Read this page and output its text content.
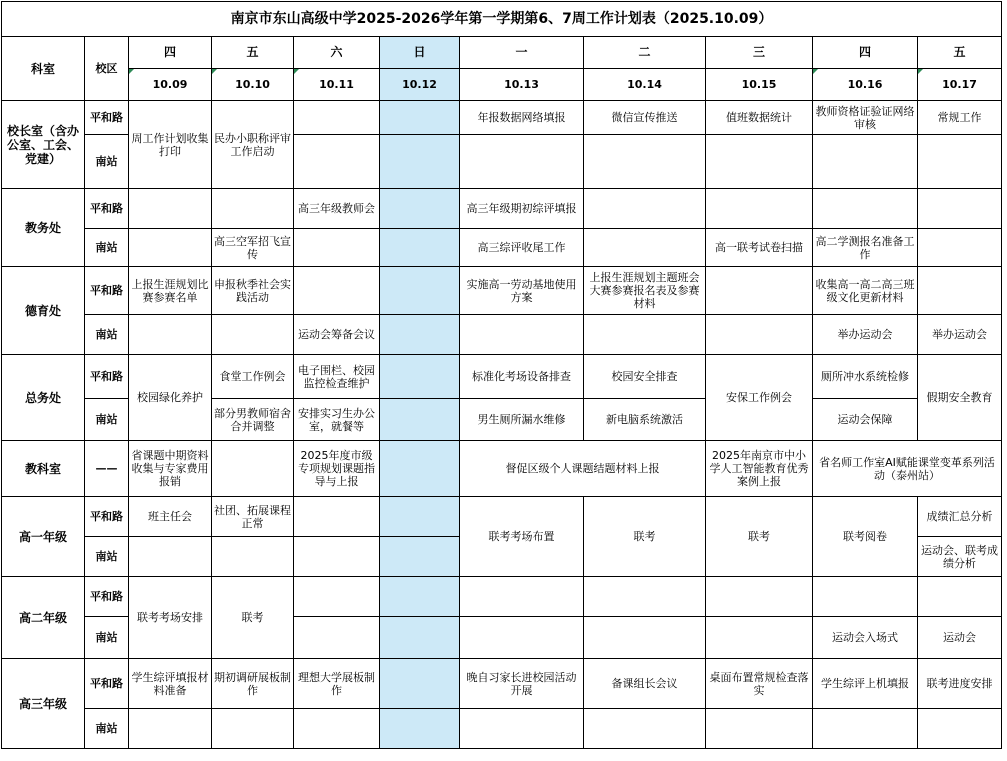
南京市东山高级中学2025-2026学年第一学期第6、7周工作计划表（2025.10.09）										
科室	校区	四	五	六	日	一	二	三	四	五
		10.09	10.10	10.11	10.12	10.13	10.14	10.15	10.16	10.17
校长室（含办公室、工会、党建）	平和路	周工作计划收集打印	民办小职称评审工作启动			年报数据网络填报	微信宣传推送	值班数据统计	教师资格证验证网络审核	常规工作
	南站									
教务处	平和路			高三年级教师会		高三年级期初综评填报				
	南站		高三空军招飞宣传			高三综评收尾工作		高一联考试卷扫描	高二学测报名准备工作	
德育处	平和路	上报生涯规划比赛参赛名单	申报秋季社会实践活动			实施高一劳动基地使用方案	上报生涯规划主题班会大赛参赛报名表及参赛材料		收集高一高二高三班级文化更新材料	
	南站			运动会筹备会议					举办运动会	举办运动会
总务处	平和路	校园绿化养护	食堂工作例会	电子围栏、校园监控检查维护		标准化考场设备排查	校园安全排查	安保工作例会	厕所冲水系统检修	假期安全教育
	南站		部分男教师宿舍合并调整	安排实习生办公室，就餐等		男生厕所漏水维修	新电脑系统激活		运动会保障	
教科室	——	省课题中期资料收集与专家费用报销		2025年度市级专项规划课题指导与上报		督促区级个人课题结题材料上报		2025年南京市中小学人工智能教育优秀案例上报	省名师工作室AI赋能课堂变革系列活动（泰州站）	
高一年级	平和路	班主任会	社团、拓展课程正常			联考考场布置	联考	联考	联考阅卷	成绩汇总分析
	南站									运动会、联考成绩分析
高二年级	平和路	联考考场安排	联考							
	南站								运动会入场式	运动会
高三年级	平和路	学生综评填报材料准备	期初调研展板制作	理想大学展板制作		晚自习家长进校园活动开展	备课组长会议	桌面布置常规检查落实	学生综评上机填报	联考进度安排
	南站									
